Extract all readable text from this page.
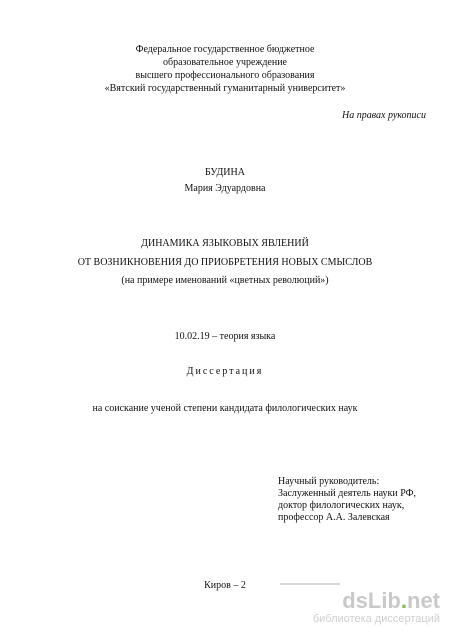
Федеральное государственное бюджетное
образовательное учреждение
высшего профессионального образования
«Вятский государственный гуманитарный университет»
На правах рукописи
БУДИНА
Мария Эдуардовна
ДИНАМИКА ЯЗЫКОВЫХ ЯВЛЕНИЙ
ОТ ВОЗНИКНОВЕНИЯ ДО ПРИОБРЕТЕНИЯ НОВЫХ СМЫСЛОВ
(на примере именований «цветных революций»)
10.02.19 – теория языка
Диссертация
на соискание ученой степени кандидата филологических наук
Научный руководитель:
Заслуженный деятель науки РФ,
доктор филологических наук,
профессор А.А. Залевская
Киров – 2
dsLib.net
библиотека диссертаций
